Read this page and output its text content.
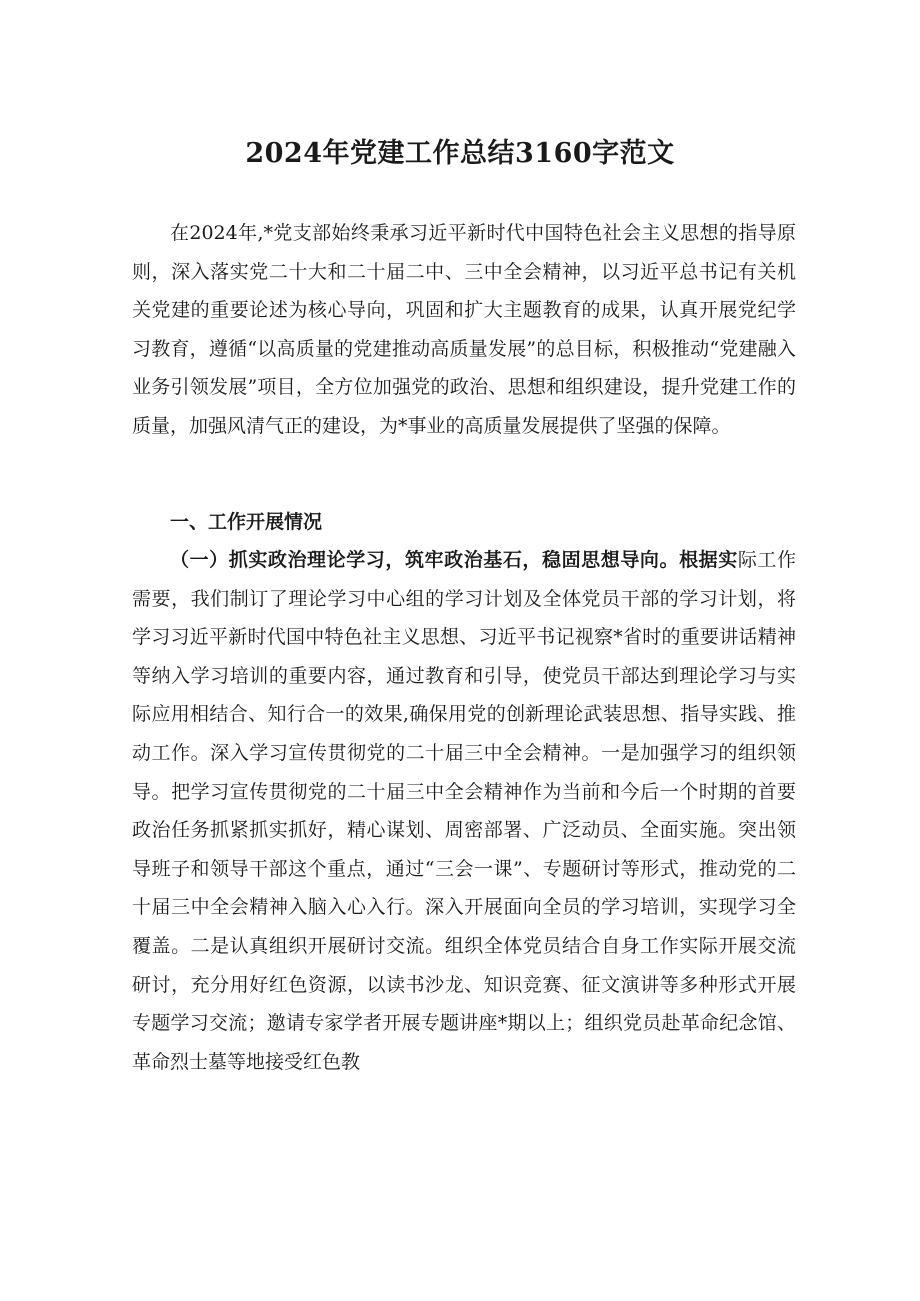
2024年党建工作总结3160字范文

在2024年,*党支部始终秉承习近平新时代中国特色社会主义思想的指导原则，深入落实党二十大和二十届二中、三中全会精神，以习近平总书记有关机关党建的重要论述为核心导向，巩固和扩大主题教育的成果，认真开展党纪学习教育，遵循“以高质量的党建推动高质量发展”的总目标，积极推动“党建融入业务引领发展”项目，全方位加强党的政治、思想和组织建设，提升党建工作的质量，加强风清气正的建设，为*事业的高质量发展提供了坚强的保障。

一、工作开展情况

（一）抓实政治理论学习，筑牢政治基石，稳固思想导向。根据实际工作需要，我们制订了理论学习中心组的学习计划及全体党员干部的学习计划，将学习习近平新时代国中特色社主义思想、习近平书记视察*省时的重要讲话精神等纳入学习培训的重要内容，通过教育和引导，使党员干部达到理论学习与实际应用相结合、知行合一的效果,确保用党的创新理论武装思想、指导实践、推动工作。深入学习宣传贯彻党的二十届三中全会精神。一是加强学习的组织领导。把学习宣传贯彻党的二十届三中全会精神作为当前和今后一个时期的首要政治任务抓紧抓实抓好，精心谋划、周密部署、广泛动员、全面实施。突出领导班子和领导干部这个重点，通过“三会一课”、专题研讨等形式，推动党的二十届三中全会精神入脑入心入行。深入开展面向全员的学习培训，实现学习全覆盖。二是认真组织开展研讨交流。组织全体党员结合自身工作实际开展交流研讨，充分用好红色资源，以读书沙龙、知识竞赛、征文演讲等多种形式开展专题学习交流；邀请专家学者开展专题讲座*期以上；组织党员赴革命纪念馆、革命烈士墓等地接受红色教
